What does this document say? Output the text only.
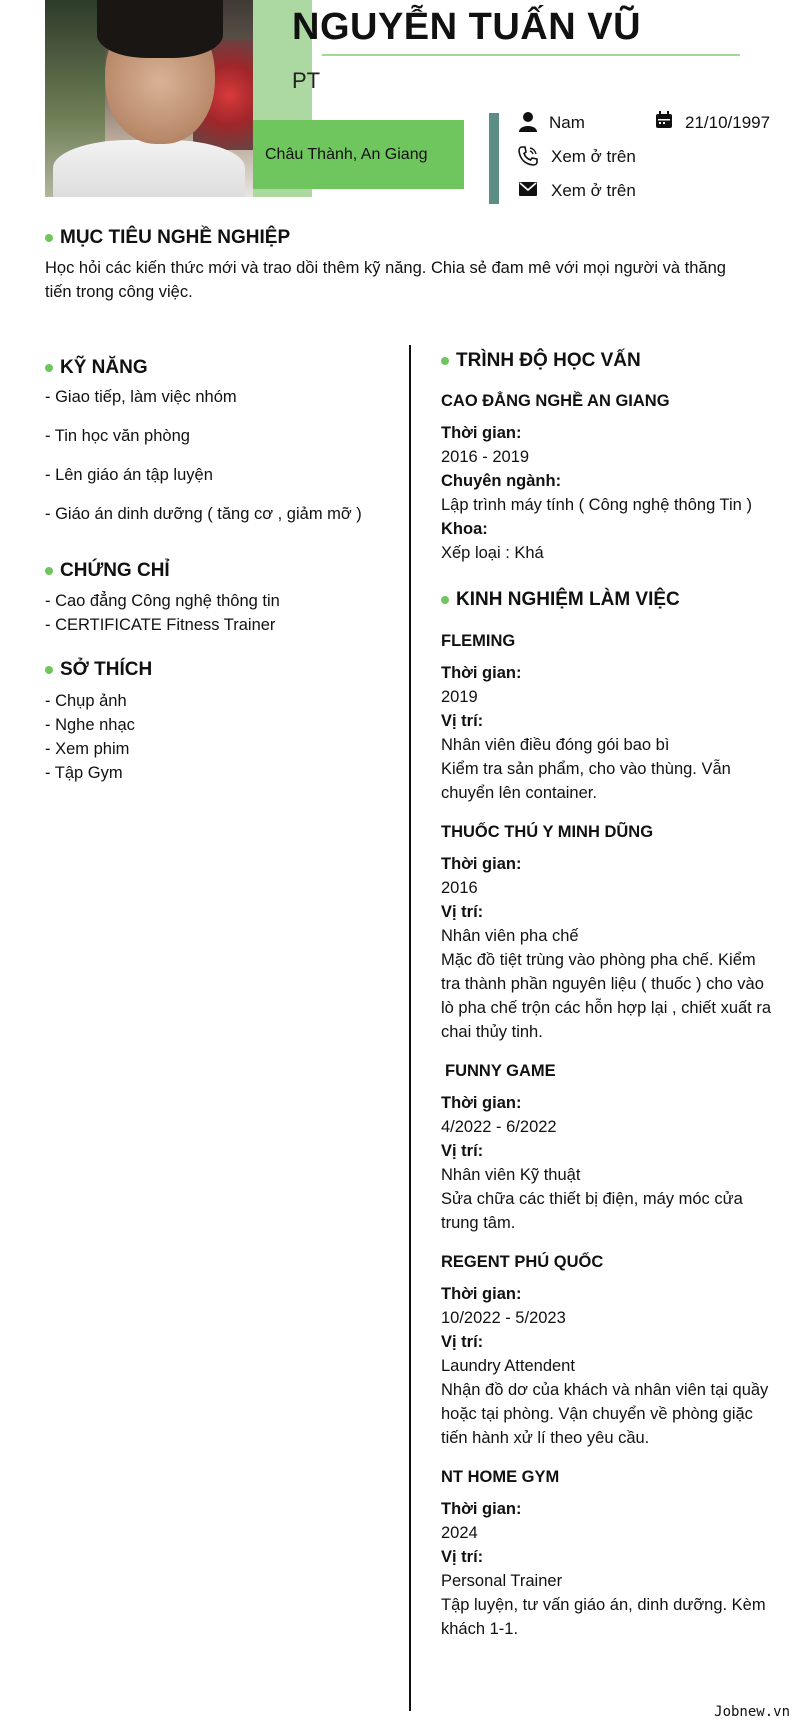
Châu Thành, An Giang
NGUYỄN TUẤN VŨ
PT
Nam	21/10/1997
Xem ở trên
Xem ở trên
MỤC TIÊU NGHỀ NGHIỆP
Học hỏi các kiến thức mới và trao dồi thêm kỹ năng. Chia sẻ đam mê với mọi người và thăng tiến trong công việc.
KỸ NĂNG
- Giao tiếp, làm việc nhóm
- Tin học văn phòng
- Lên giáo án tập luyện
- Giáo án dinh dưỡng ( tăng cơ , giảm mỡ )
CHỨNG CHỈ
- Cao đẳng Công nghệ thông tin
- CERTIFICATE Fitness Trainer
SỞ THÍCH
- Chụp ảnh
- Nghe nhạc
- Xem phim
- Tập Gym
TRÌNH ĐỘ HỌC VẤN
CAO ĐẲNG NGHỀ AN GIANG
Thời gian:
2016 - 2019
Chuyên ngành:
Lập trình máy tính ( Công nghệ thông Tin )
Khoa:
Xếp loại : Khá
KINH NGHIỆM LÀM VIỆC
FLEMING
Thời gian:
2019
Vị trí:
Nhân viên điều đóng gói bao bì
Kiểm tra sản phẩm, cho vào thùng. Vẫn chuyển lên container.
THUỐC THÚ Y MINH DŨNG
Thời gian:
2016
Vị trí:
Nhân viên pha chế
Mặc đồ tiệt trùng vào phòng pha chế. Kiểm tra thành phần nguyên liệu ( thuốc ) cho vào lò pha chế trộn các hỗn hợp lại , chiết xuất ra chai thủy tinh.
FUNNY GAME
Thời gian:
4/2022 - 6/2022
Vị trí:
Nhân viên Kỹ thuật
Sửa chữa các thiết bị điện, máy móc cửa trung tâm.
REGENT PHÚ QUỐC
Thời gian:
10/2022 - 5/2023
Vị trí:
Laundry Attendent
Nhận đồ dơ của khách và nhân viên tại quầy hoặc tại phòng. Vận chuyển về phòng giặc tiến hành xử lí theo yêu cầu.
NT HOME GYM
Thời gian:
2024
Vị trí:
Personal Trainer
Tập luyện, tư vấn giáo án, dinh dưỡng. Kèm khách 1-1.
Jobnew.vn
